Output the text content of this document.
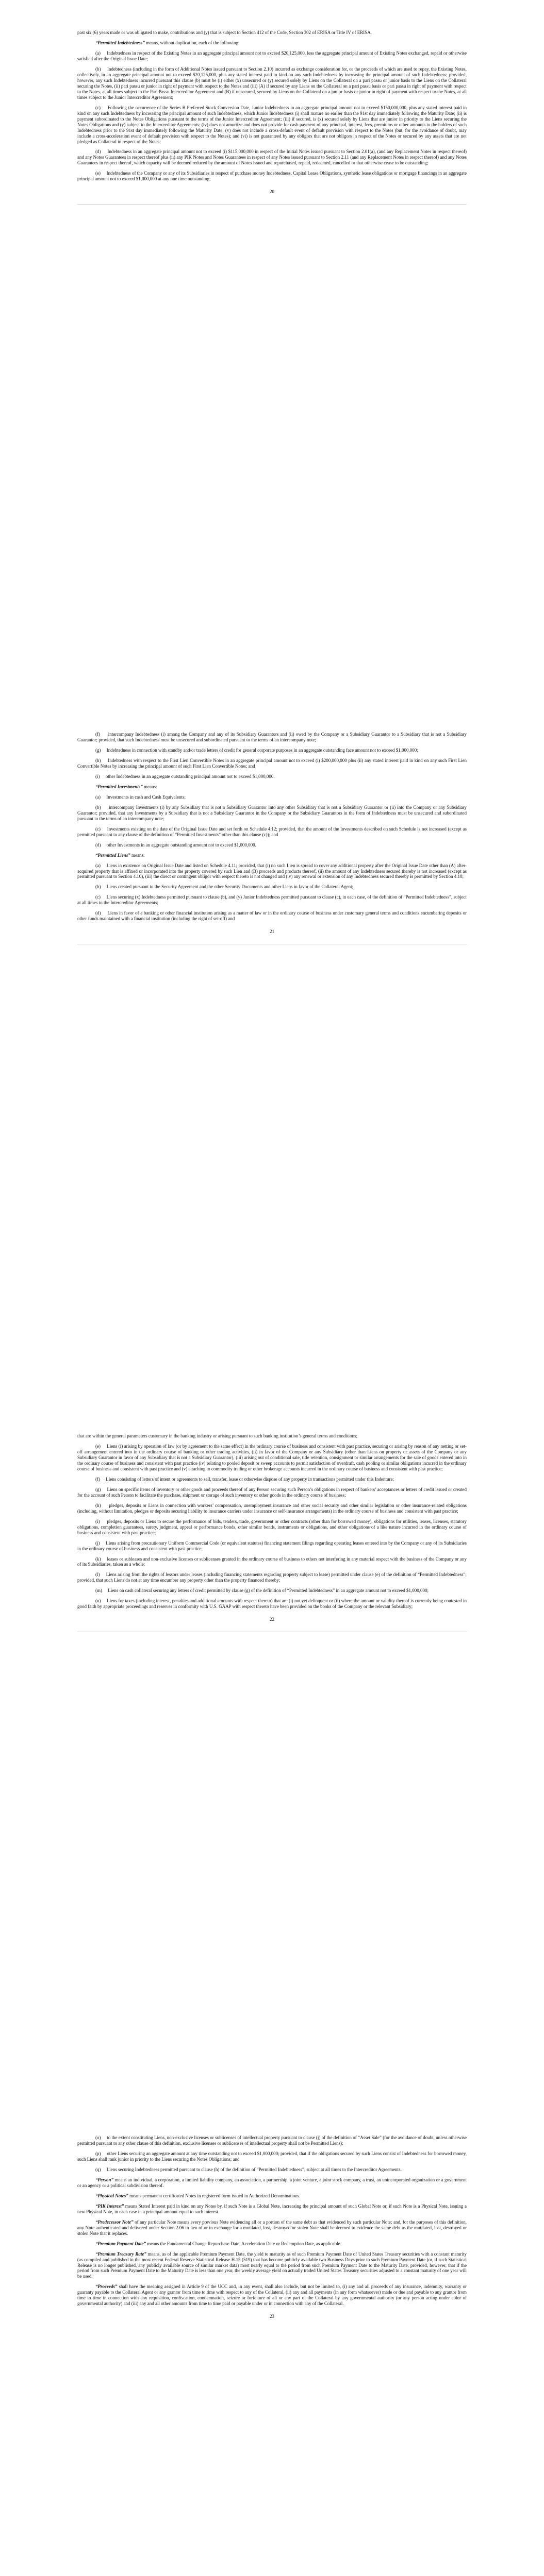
past six (6) years made or was obligated to make, contributions and (y) that is subject to Section 412 of the Code, Section 302 of ERISA or Title IV of ERISA.

“Permitted Indebtedness” means, without duplication, each of the following:

(a)     Indebtedness in respect of the Existing Notes in an aggregate principal amount not to exceed $20,125,000, less the aggregate principal amount of Existing Notes exchanged, repaid or otherwise satisfied after the Original Issue Date;

(b)     Indebtedness (including in the form of Additional Notes issued pursuant to Section 2.10) incurred as exchange consideration for, or the proceeds of which are used to repay, the Existing Notes, collectively, in an aggregate principal amount not to exceed $20,125,000, plus any stated interest paid in kind on any such Indebtedness by increasing the principal amount of such Indebtedness; provided, however, any such Indebtedness incurred pursuant this clause (b) must be (i) either (x) unsecured or (y) secured solely by Liens on the Collateral on a pari passu or junior basis to the Liens on the Collateral securing the Notes, (ii) pari passu or junior in right of payment with respect to the Notes and (iii) (A) if secured by any Liens on the Collateral on a pari passu basis or pari passu in right of payment with respect to the Notes, at all times subject to the Pari Passu Intercreditor Agreement and (B) if unsecured, secured by Liens on the Collateral on a junior basis or junior in right of payment with respect to the Notes, at all times subject to the Junior Intercreditor Agreement;

(c)     Following the occurrence of the Series B Preferred Stock Conversion Date, Junior Indebtedness in an aggregate principal amount not to exceed $150,000,000, plus any stated interest paid in kind on any such Indebtedness by increasing the principal amount of such Indebtedness, which Junior Indebtedness (i) shall mature no earlier than the 91st day immediately following the Maturity Date; (ii) is payment subordinated to the Notes Obligations pursuant to the terms of the Junior Intercreditor Agreement; (iii) if secured, is (x) secured solely by Liens that are junior in priority to the Liens securing the Notes Obligations and (y) subject to the Intercreditor Agreements; (iv) does not amortize and does not provide for cash payment of any principal, interest, fees, premiums or other amounts to the holders of such Indebtedness prior to the 91st day immediately following the Maturity Date; (v) does not include a cross-default event of default provision with respect to the Notes (but, for the avoidance of doubt, may include a cross-acceleration event of default provision with respect to the Notes); and (vi) is not guaranteed by any obligors that are not obligors in respect of the Notes or secured by any assets that are not pledged as Collateral in respect of the Notes;

(d)     Indebtedness in an aggregate principal amount not to exceed (i) $115,000,000 in respect of the Initial Notes issued pursuant to Section 2.01(a), (and any Replacement Notes in respect thereof) and any Notes Guarantees in respect thereof plus (ii) any PIK Notes and Notes Guarantees in respect of any Notes issued pursuant to Section 2.11 (and any Replacement Notes in respect thereof) and any Notes Guarantees in respect thereof, which capacity will be deemed reduced by the amount of Notes issued and repurchased, repaid, redeemed, cancelled or that otherwise cease to be outstanding;

(e)     Indebtedness of the Company or any of its Subsidiaries in respect of purchase money Indebtedness, Capital Lease Obligations, synthetic lease obligations or mortgage financings in an aggregate principal amount not to exceed $1,000,000 at any one time outstanding;

20

(f)     intercompany Indebtedness (i) among the Company and any of its Subsidiary Guarantors and (ii) owed by the Company or a Subsidiary Guarantor to a Subsidiary that is not a Subsidiary Guarantor; provided, that such Indebtedness must be unsecured and subordinated pursuant to the terms of an intercompany note;

(g)     Indebtedness in connection with standby and/or trade letters of credit for general corporate purposes in an aggregate outstanding face amount not to exceed $1,000,000;

(h)     Indebtedness with respect to the First Lien Convertible Notes in an aggregate principal amount not to exceed (i) $200,000,000 plus (ii) any stated interest paid in kind on any such First Lien Convertible Notes by increasing the principal amount of such First Lien Convertible Notes; and

(i)     other Indebtedness in an aggregate outstanding principal amount not to exceed $1,000,000.

“Permitted Investments” means:

(a)     Investments in cash and Cash Equivalents;

(b)     intercompany Investments (i) by any Subsidiary that is not a Subsidiary Guarantor into any other Subsidiary that is not a Subsidiary Guarantor or (ii) into the Company or any Subsidiary Guarantor; provided, that any Investments by a Subsidiary that is not a Subsidiary Guarantor in the Company or the Subsidiary Guarantors in the form of Indebtedness must be unsecured and subordinated pursuant to the terms of an intercompany note;

(c)     Investments existing on the date of the Original Issue Date and set forth on Schedule 4.12; provided, that the amount of the Investments described on such Schedule is not increased (except as permitted pursuant to any clause of the definition of “Permitted Investments” other than this clause (c)); and

(d)     other Investments in an aggregate outstanding amount not to exceed $1,000,000.

“Permitted Liens” means:

(a)     Liens in existence on Original Issue Date and listed on Schedule 4.11; provided, that (i) no such Lien is spread to cover any additional property after the Original Issue Date other than (A) after-acquired property that is affixed or incorporated into the property covered by such Lien and (B) proceeds and products thereof, (ii) the amount of any Indebtedness secured thereby is not increased (except as permitted pursuant to Section 4.10), (iii) the direct or contingent obligor with respect thereto is not changed and (iv) any renewal or extension of any Indebtedness secured thereby is permitted by Section 4.10;

(b)     Liens created pursuant to the Security Agreement and the other Security Documents and other Liens in favor of the Collateral Agent;

(c)     Liens securing (x) Indebtedness permitted pursuant to clause (b), and (y) Junior Indebtedness permitted pursuant to clause (c), in each case, of the definition of “Permitted Indebtedness”, subject at all times to the Intercreditor Agreements;

(d)     Liens in favor of a banking or other financial institution arising as a matter of law or in the ordinary course of business under customary general terms and conditions encumbering deposits or other funds maintained with a financial institution (including the right of set-off) and

21

that are within the general parameters customary in the banking industry or arising pursuant to such banking institution’s general terms and conditions;

(e)     Liens (i) arising by operation of law (or by agreement to the same effect) in the ordinary course of business and consistent with past practice, securing or arising by reason of any netting or set-off arrangement entered into in the ordinary course of banking or other trading activities, (ii) in favor of the Company or any Subsidiary (other than Liens on property or assets of the Company or any Subsidiary Guarantor in favor of any Subsidiary that is not a Subsidiary Guarantor), (iii) arising out of conditional sale, title retention, consignment or similar arrangements for the sale of goods entered into in the ordinary course of business and consistent with past practice (iv) relating to pooled deposit or sweep accounts to permit satisfaction of overdraft, cash pooling or similar obligations incurred in the ordinary course of business and consistent with past practice and (v) attaching to commodity trading or other brokerage accounts incurred in the ordinary course of business and consistent with past practice;

(f)     Liens consisting of letters of intent or agreements to sell, transfer, lease or otherwise dispose of any property in transactions permitted under this Indenture;

(g)     Liens on specific items of inventory or other goods and proceeds thereof of any Person securing such Person’s obligations in respect of bankers’ acceptances or letters of credit issued or created for the account of such Person to facilitate the purchase, shipment or storage of such inventory or other goods in the ordinary course of business;

(h)     pledges, deposits or Liens in connection with workers’ compensation, unemployment insurance and other social security and other similar legislation or other insurance-related obligations (including, without limitation, pledges or deposits securing liability to insurance carriers under insurance or self-insurance arrangements) in the ordinary course of business and consistent with past practice;

(i)     pledges, deposits or Liens to secure the performance of bids, tenders, trade, government or other contracts (other than for borrowed money), obligations for utilities, leases, licenses, statutory obligations, completion guarantees, surety, judgment, appeal or performance bonds, other similar bonds, instruments or obligations, and other obligations of a like nature incurred in the ordinary course of business and consistent with past practice;

(j)     Liens arising from precautionary Uniform Commercial Code (or equivalent statutes) financing statement filings regarding operating leases entered into by the Company or any of its Subsidiaries in the ordinary course of business and consistent with past practice;

(k)     leases or subleases and non-exclusive licenses or sublicenses granted in the ordinary course of business to others not interfering in any material respect with the business of the Company or any of its Subsidiaries, taken as a whole;

(l)     Liens arising from the rights of lessors under leases (including financing statements regarding property subject to lease) permitted under clause (e) of the definition of “Permitted Indebtedness”; provided, that such Liens do not at any time encumber any property other than the property financed thereby;

(m)     Liens on cash collateral securing any letters of credit permitted by clause (g) of the definition of “Permitted Indebtedness” in an aggregate amount not to exceed $1,000,000;

(n)     Liens for taxes (including interest, penalties and additional amounts with respect thereto) that are (i) not yet delinquent or (ii) where the amount or validity thereof is currently being contested in good faith by appropriate proceedings and reserves in conformity with U.S. GAAP with respect thereto have been provided on the books of the Company or the relevant Subsidiary;

22

(o)     to the extent constituting Liens, non-exclusive licenses or sublicenses of intellectual property pursuant to clause (j) of the definition of “Asset Sale” (for the avoidance of doubt, unless otherwise permitted pursuant to any other clause of this definition, exclusive licenses or sublicenses of intellectual property shall not be Permitted Liens);

(p)     other Liens securing an aggregate amount at any time outstanding not to exceed $1,000,000; provided, that if the obligations secured by such Liens consist of Indebtedness for borrowed money, such Liens shall rank junior in priority to the Liens securing the Notes Obligations; and

(q)     Liens securing Indebtedness permitted pursuant to clause (h) of the definition of “Permitted Indebtedness”, subject at all times to the Intercreditor Agreements.

“Person” means an individual, a corporation, a limited liability company, an association, a partnership, a joint venture, a joint stock company, a trust, an unincorporated organization or a government or an agency or a political subdivision thereof.

“Physical Notes” means permanent certificated Notes in registered form issued in Authorized Denominations.

“PIK Interest” means Stated Interest paid in kind on any Notes by, if such Note is a Global Note, increasing the principal amount of such Global Note or, if such Note is a Physical Note, issuing a new Physical Note, in each case in a principal amount equal to such interest.

“Predecessor Note” of any particular Note means every previous Note evidencing all or a portion of the same debt as that evidenced by such particular Note; and, for the purposes of this definition, any Note authenticated and delivered under Section 2.06 in lieu of or in exchange for a mutilated, lost, destroyed or stolen Note shall be deemed to evidence the same debt as the mutilated, lost, destroyed or stolen Note that it replaces.

“Premium Payment Date” means the Fundamental Change Repurchase Date, Acceleration Date or Redemption Date, as applicable.

“Premium Treasury Rate” means, as of the applicable Premium Payment Date, the yield to maturity as of such Premium Payment Date of United States Treasury securities with a constant maturity (as compiled and published in the most recent Federal Reserve Statistical Release H.15 (519) that has become publicly available two Business Days prior to such Premium Payment Date (or, if such Statistical Release is no longer published, any publicly available source of similar market data) most nearly equal to the period from such Premium Payment Date to the Maturity Date, provided, however, that if the period from such Premium Payment Date to the Maturity Date is less than one year, the weekly average yield on actually traded United States Treasury securities adjusted to a constant maturity of one year will be used.

“Proceeds” shall have the meaning assigned in Article 9 of the UCC and, in any event, shall also include, but not be limited to, (i) any and all proceeds of any insurance, indemnity, warranty or guaranty payable to the Collateral Agent or any grantor from time to time with respect to any of the Collateral, (ii) any and all payments (in any form whatsoever) made or due and payable to any grantor from time to time in connection with any requisition, confiscation, condemnation, seizure or forfeiture of all or any part of the Collateral by any governmental authority (or any person acting under color of governmental authority) and (iii) any and all other amounts from time to time paid or payable under or in connection with any of the Collateral.

23
